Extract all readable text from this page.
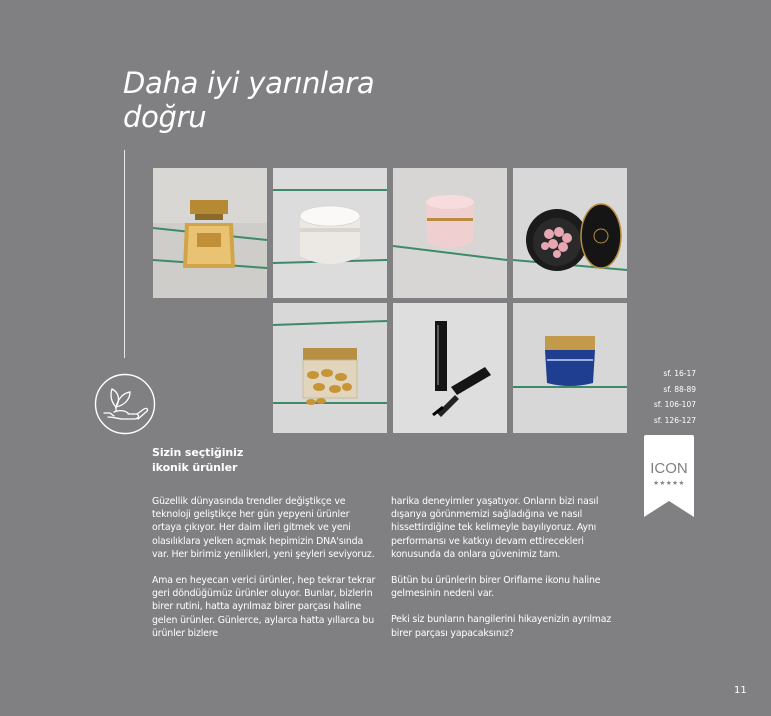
Daha iyi yarınlara
doğru
sf. 16-17
sf. 88-89
sf. 106-107
sf. 126-127
ICON
★★★★★
Sizin seçtiğiniz
ikonik ürünler

Güzellik dünyasında trendler değiştikçe ve teknoloji geliştikçe her gün yepyeni ürünler ortaya çıkıyor. Her daim ileri gitmek ve yeni olasılıklara yelken açmak hepimizin DNA'sında var. Her birimiz yenilikleri, yeni şeyleri seviyoruz.

Ama en heyecan verici ürünler, hep tekrar tekrar geri döndüğümüz ürünler oluyor. Bunlar, bizlerin birer rutini, hatta ayrılmaz birer parçası haline gelen ürünler. Günlerce, aylarca hatta yıllarca bu ürünler bizlere

harika deneyimler yaşatıyor. Onların bizi nasıl dışarıya görünmemizi sağladığına ve nasıl hissettirdiğine tek kelimeyle bayılıyoruz. Aynı performansı ve katkıyı devam ettirecekleri konusunda da onlara güvenimiz tam.

Bütün bu ürünlerin birer Oriflame ikonu haline gelmesinin nedeni var.

Peki siz bunların hangilerini hikayenizin ayrılmaz birer parçası yapacaksınız?

11
